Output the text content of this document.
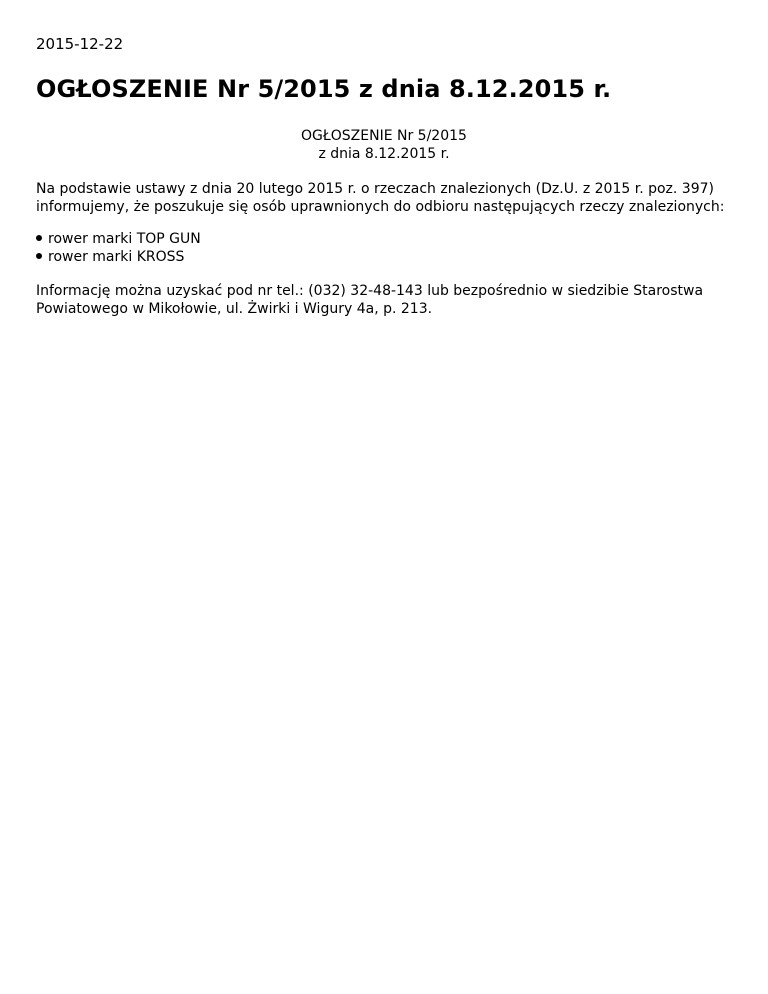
2015-12-22

OGŁOSZENIE Nr 5/2015 z dnia 8.12.2015 r.
OGŁOSZENIE Nr 5/2015
z dnia 8.12.2015 r.
Na podstawie ustawy z dnia 20 lutego 2015 r. o rzeczach znalezionych (Dz.U. z 2015 r. poz. 397)
informujemy, że poszukuje się osób uprawnionych do odbioru następujących rzeczy znalezionych:
rower marki TOP GUN
rower marki KROSS
Informację można uzyskać pod nr tel.: (032) 32-48-143 lub bezpośrednio w siedzibie Starostwa
Powiatowego w Mikołowie, ul. Żwirki i Wigury 4a, p. 213.
